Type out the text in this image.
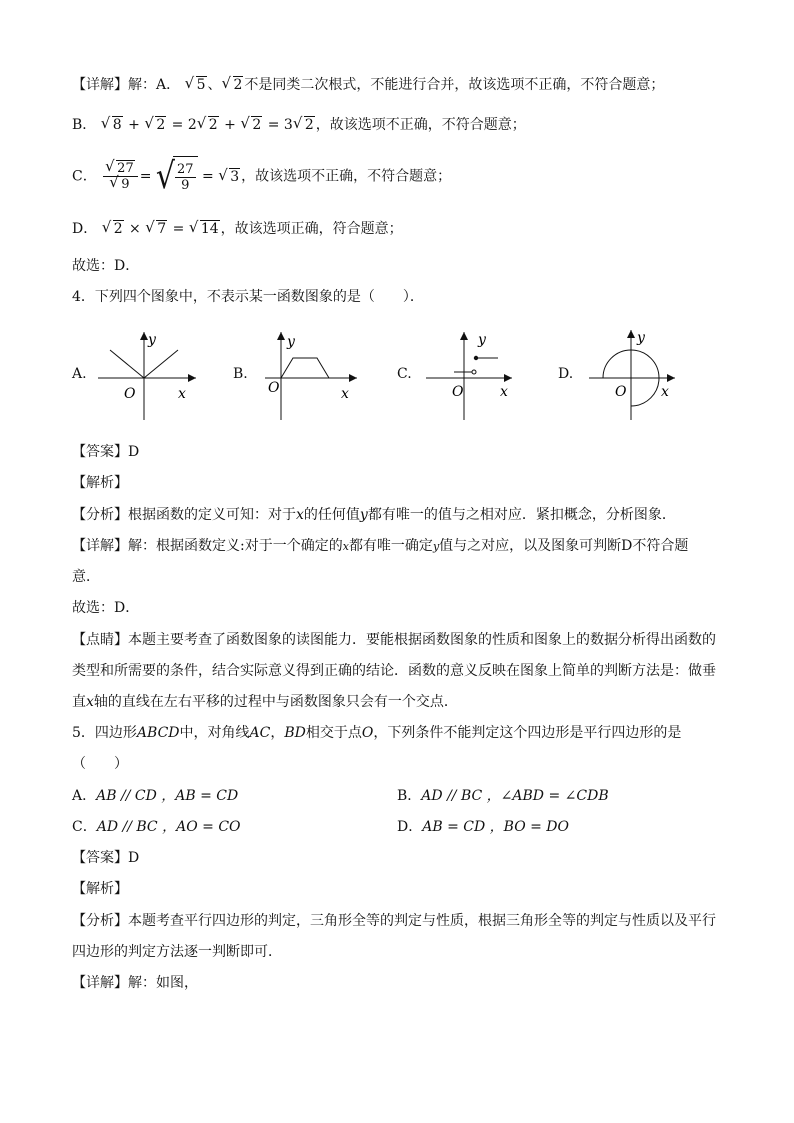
【详解】解：A． √ 5 、 √ 2 不是同类二次根式，不能进行合并，故该选项不正确，不符合题意；
B． √ 8 + √ 2 = 2 √ 2 + √ 2 = 3 √ 2 ，故该选项不正确，不符合题意；
C． √ 27
√ 9 = √ $\frac{27}{9}$ = √ 3 ，故该选项不正确，不符合题意；
D． √ 2 × √ 7 = √ 14 ，故该选项正确，符合题意；
故选：D．
4．下列四个图象中，不表示某一函数图象的是（　　）．
A.
y
x
O
B.
y
x
O
C.
y
x
O
D.
y
x
O
【答案】D
【解析】
【分析】根据函数的定义可知：对于x的任何值y都有唯一的值与之相对应．紧扣概念，分析图象．
【详解】解：根据函数定义:对于一个确定的x都有唯一确定y值与之对应，以及图象可判断D不符合题
意．
故选：D．
【点睛】本题主要考查了函数图象的读图能力．要能根据函数图象的性质和图象上的数据分析得出函数的
类型和所需要的条件，结合实际意义得到正确的结论．函数的意义反映在图象上简单的判断方法是：做垂
直x轴的直线在左右平移的过程中与函数图象只会有一个交点．
5．四边形ABCD中，对角线AC，BD相交于点O，下列条件不能判定这个四边形是平行四边形的是
（　　）
A．AB // CD ，AB = CD	B．AD // BC ，∠ABD = ∠CDB
C．AD // BC ，AO = CO	D．AB = CD ，BO = DO
【答案】D
【解析】
【分析】本题考查平行四边形的判定，三角形全等的判定与性质，根据三角形全等的判定与性质以及平行
四边形的判定方法逐一判断即可．
【详解】解：如图，
